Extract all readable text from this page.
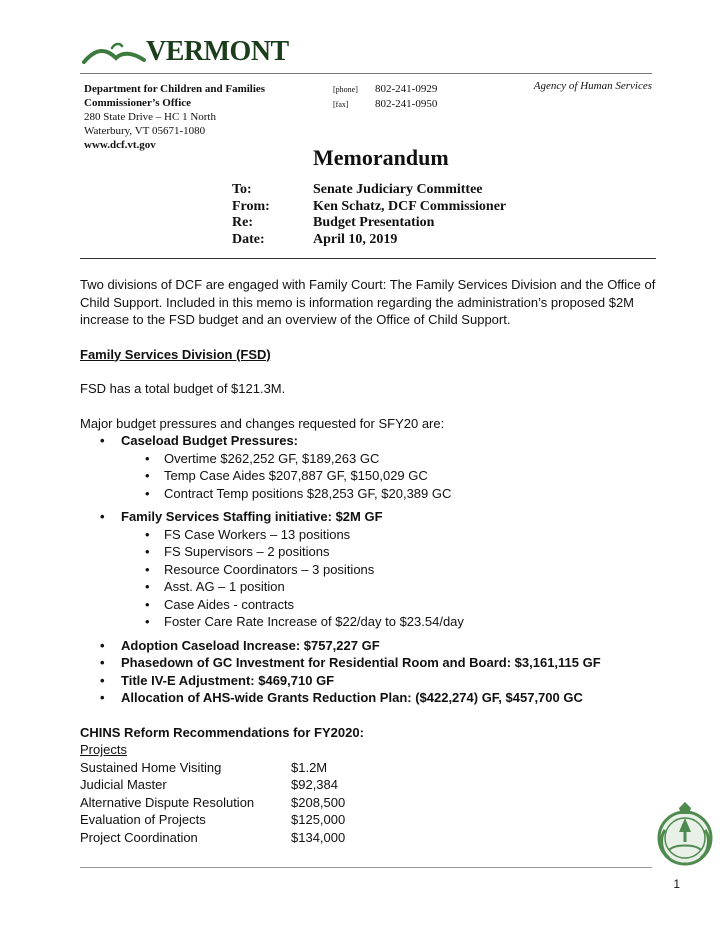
VERMONT
Department for Children and Families
Commissioner’s Office
280 State Drive – HC 1 North
Waterbury, VT 05671-1080
www.dcf.vt.gov
[phone] 802-241-0929
[fax] 802-241-0950
Agency of Human Services
Memorandum
To:	Senate Judiciary Committee
From:	Ken Schatz, DCF Commissioner
Re:	Budget Presentation
Date:	April 10, 2019

Two divisions of DCF are engaged with Family Court: The Family Services Division and the Office of Child Support. Included in this memo is information regarding the administration’s proposed $2M increase to the FSD budget and an overview of the Office of Child Support.

Family Services Division (FSD)

FSD has a total budget of $121.3M.

Major budget pressures and changes requested for SFY20 are:

• Caseload Budget Pressures:
• Overtime $262,252 GF, $189,263 GC
• Temp Case Aides $207,887 GF, $150,029 GC
• Contract Temp positions $28,253 GF, $20,389 GC
• Family Services Staffing initiative: $2M GF
• FS Case Workers – 13 positions
• FS Supervisors – 2 positions
• Resource Coordinators – 3 positions
• Asst. AG – 1 position
• Case Aides - contracts
• Foster Care Rate Increase of $22/day to $23.54/day
• Adoption Caseload Increase: $757,227 GF
• Phasedown of GC Investment for Residential Room and Board: $3,161,115 GF
• Title IV-E Adjustment: $469,710 GF
• Allocation of AHS-wide Grants Reduction Plan: ($422,274) GF, $457,700 GC

CHINS Reform Recommendations for FY2020:

Projects

Sustained Home Visiting	$1.2M
Judicial Master	$92,384
Alternative Dispute Resolution	$208,500
Evaluation of Projects	$125,000
Project Coordination	$134,000
1
